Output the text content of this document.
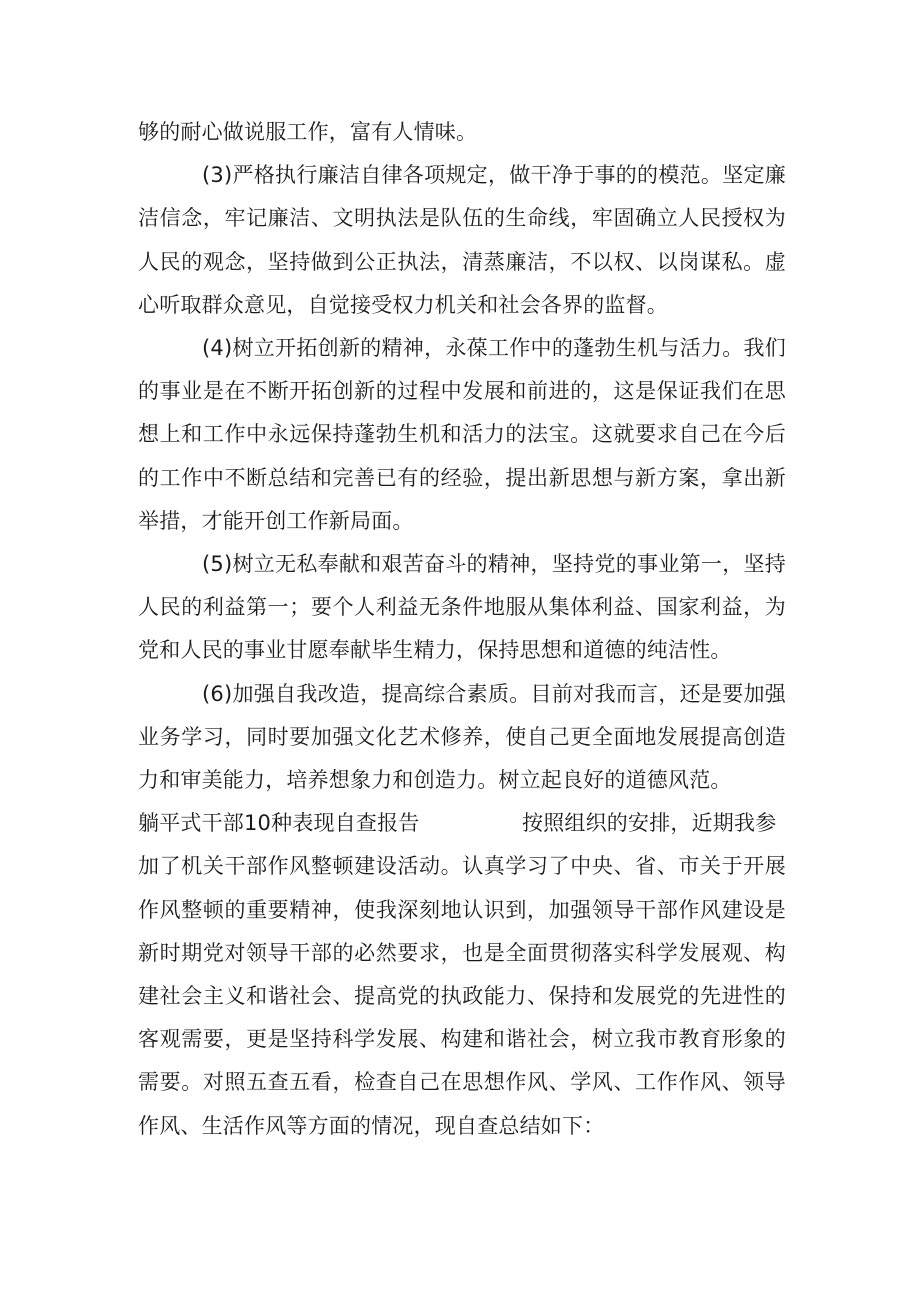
够的耐心做说服工作，富有人情味。

(3)严格执行廉洁自律各项规定，做干净于事的的模范。坚定廉洁信念，牢记廉洁、文明执法是队伍的生命线，牢固确立人民授权为人民的观念，坚持做到公正执法，清蒸廉洁，不以权、以岗谋私。虚心听取群众意见，自觉接受权力机关和社会各界的监督。

(4)树立开拓创新的精神，永葆工作中的蓬勃生机与活力。我们的事业是在不断开拓创新的过程中发展和前进的，这是保证我们在思想上和工作中永远保持蓬勃生机和活力的法宝。这就要求自己在今后的工作中不断总结和完善已有的经验，提出新思想与新方案，拿出新举措，才能开创工作新局面。

(5)树立无私奉献和艰苦奋斗的精神，坚持党的事业第一，坚持人民的利益第一；要个人利益无条件地服从集体利益、国家利益，为党和人民的事业甘愿奉献毕生精力，保持思想和道德的纯洁性。

(6)加强自我改造，提高综合素质。目前对我而言，还是要加强业务学习，同时要加强文化艺术修养，使自己更全面地发展提高创造力和审美能力，培养想象力和创造力。树立起良好的道德风范。

躺平式干部10种表现自查报告	按照组织的安排，近期我参

加了机关干部作风整顿建设活动。认真学习了中央、省、市关于开展作风整顿的重要精神，使我深刻地认识到，加强领导干部作风建设是新时期党对领导干部的必然要求，也是全面贯彻落实科学发展观、构建社会主义和谐社会、提高党的执政能力、保持和发展党的先进性的客观需要，更是坚持科学发展、构建和谐社会，树立我市教育形象的需要。对照五查五看，检查自己在思想作风、学风、工作作风、领导作风、生活作风等方面的情况，现自查总结如下：
